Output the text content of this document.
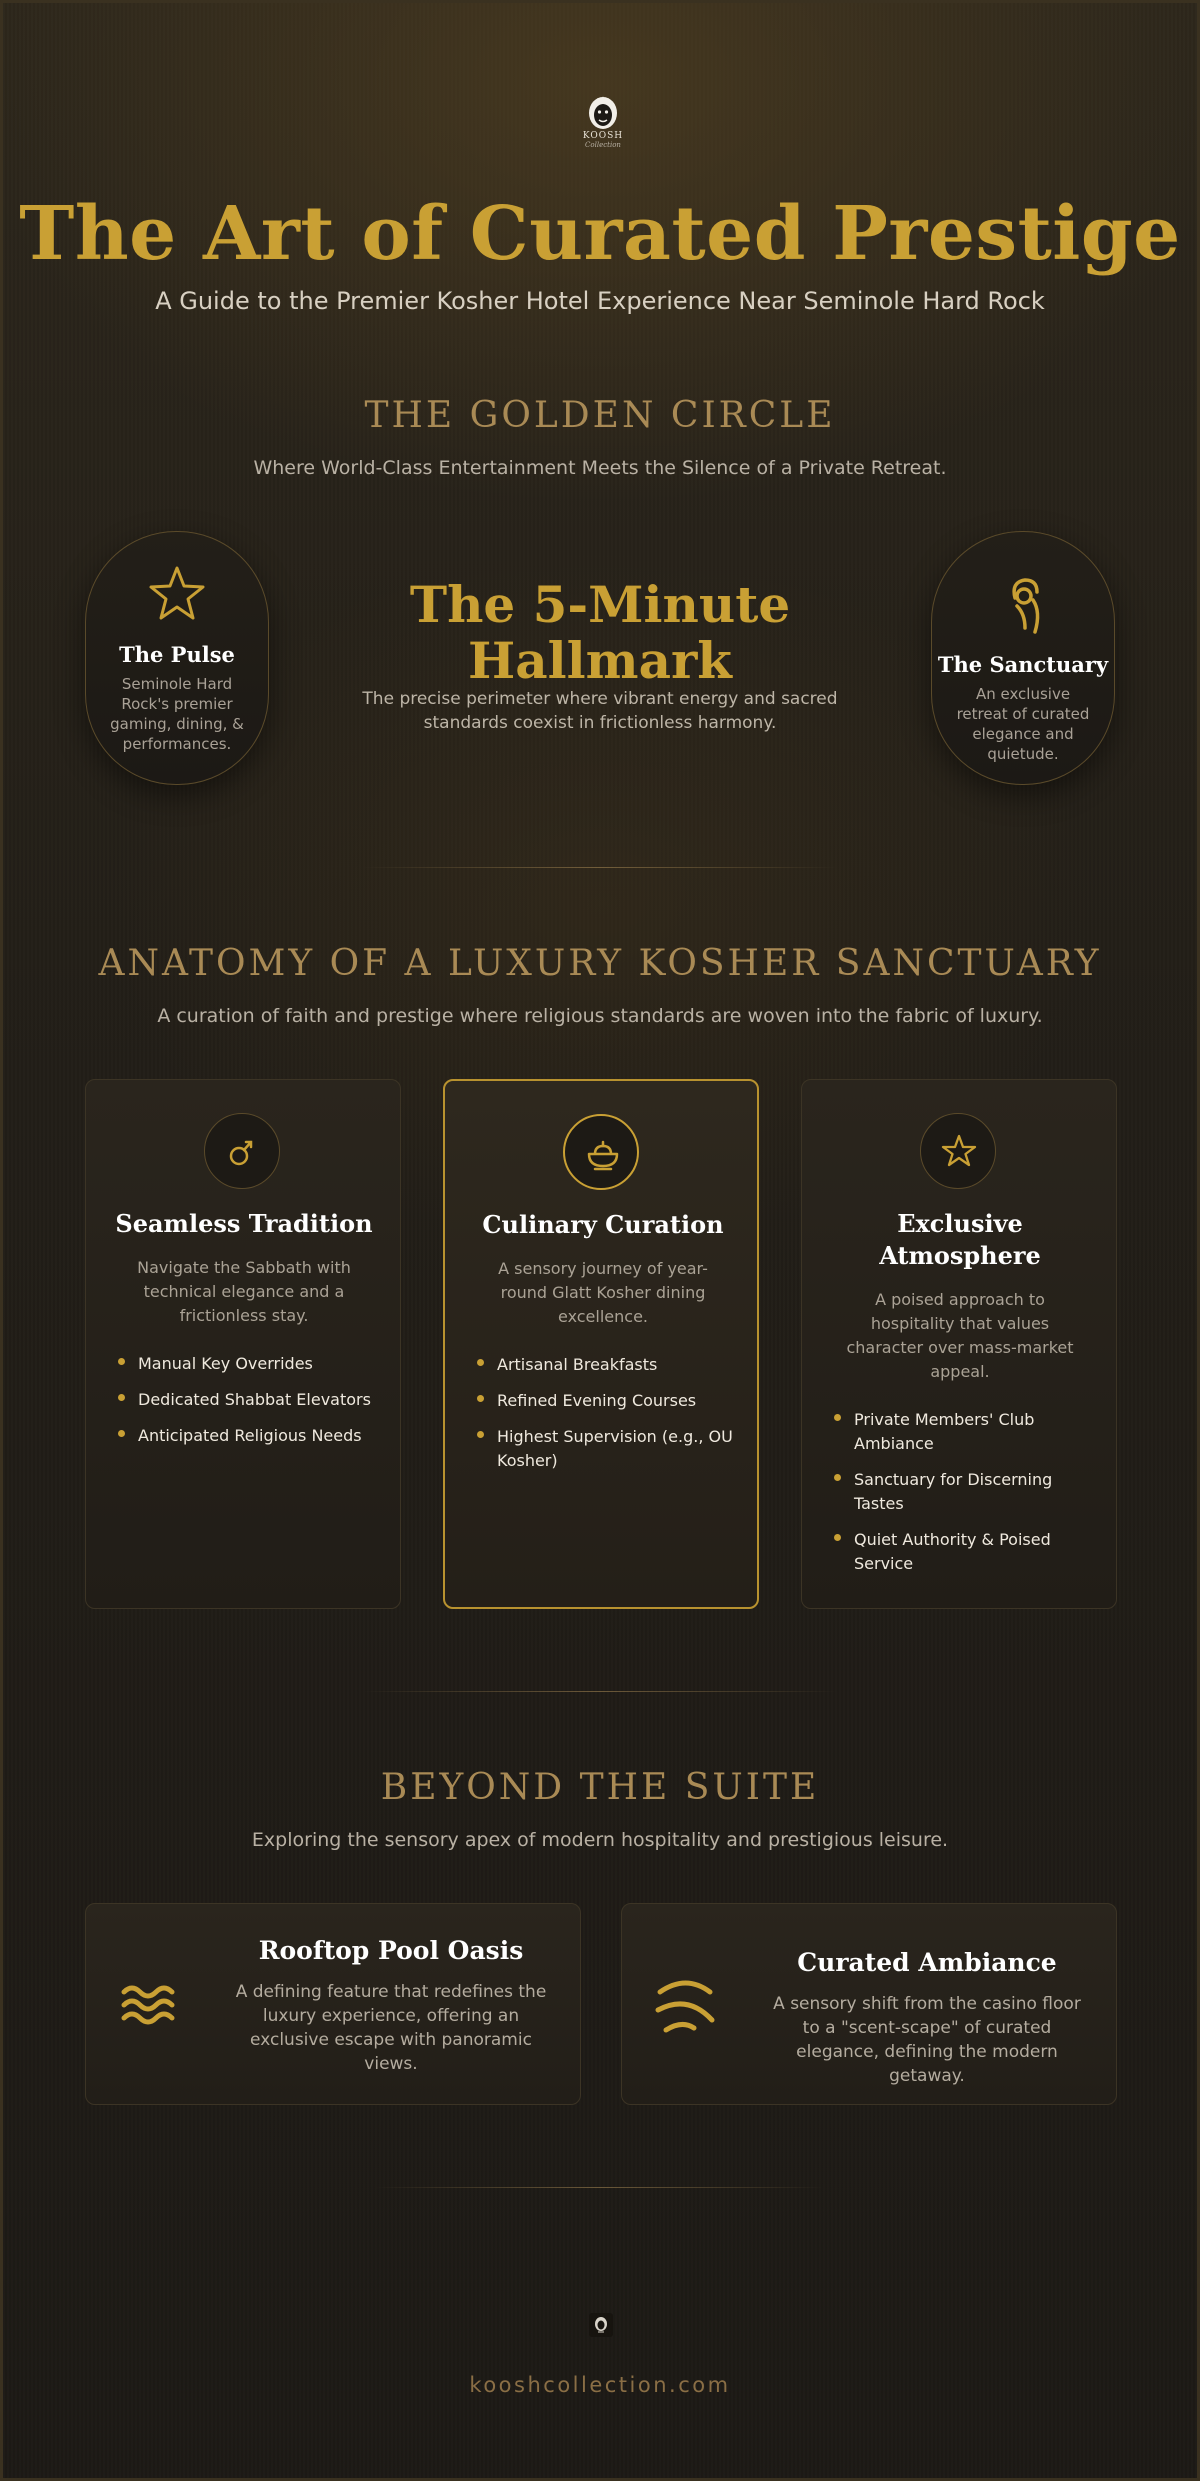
KOOSH
Collection
The Art of Curated Prestige
A Guide to the Premier Kosher Hotel Experience Near Seminole Hard Rock
THE GOLDEN CIRCLE
Where World-Class Entertainment Meets the Silence of a Private Retreat.
The Pulse
Seminole Hard Rock's premier gaming, dining, & performances.
The 5-Minute Hallmark
The precise perimeter where vibrant energy and sacred standards coexist in frictionless harmony.
The Sanctuary
An exclusive retreat of curated elegance and quietude.
ANATOMY OF A LUXURY KOSHER SANCTUARY
A curation of faith and prestige where religious standards are woven into the fabric of luxury.
Seamless Tradition
Navigate the Sabbath with technical elegance and a frictionless stay.
Manual Key Overrides
Dedicated Shabbat Elevators
Anticipated Religious Needs
Culinary Curation
A sensory journey of year-round Glatt Kosher dining excellence.
Artisanal Breakfasts
Refined Evening Courses
Highest Supervision (e.g., OU Kosher)
Exclusive Atmosphere
A poised approach to hospitality that values character over mass-market appeal.
Private Members' Club Ambiance
Sanctuary for Discerning Tastes
Quiet Authority & Poised Service
BEYOND THE SUITE
Exploring the sensory apex of modern hospitality and prestigious leisure.
Rooftop Pool Oasis
A defining feature that redefines the luxury experience, offering an exclusive escape with panoramic views.
Curated Ambiance
A sensory shift from the casino floor to a "scent-scape" of curated elegance, defining the modern getaway.
kooshcollection.com
